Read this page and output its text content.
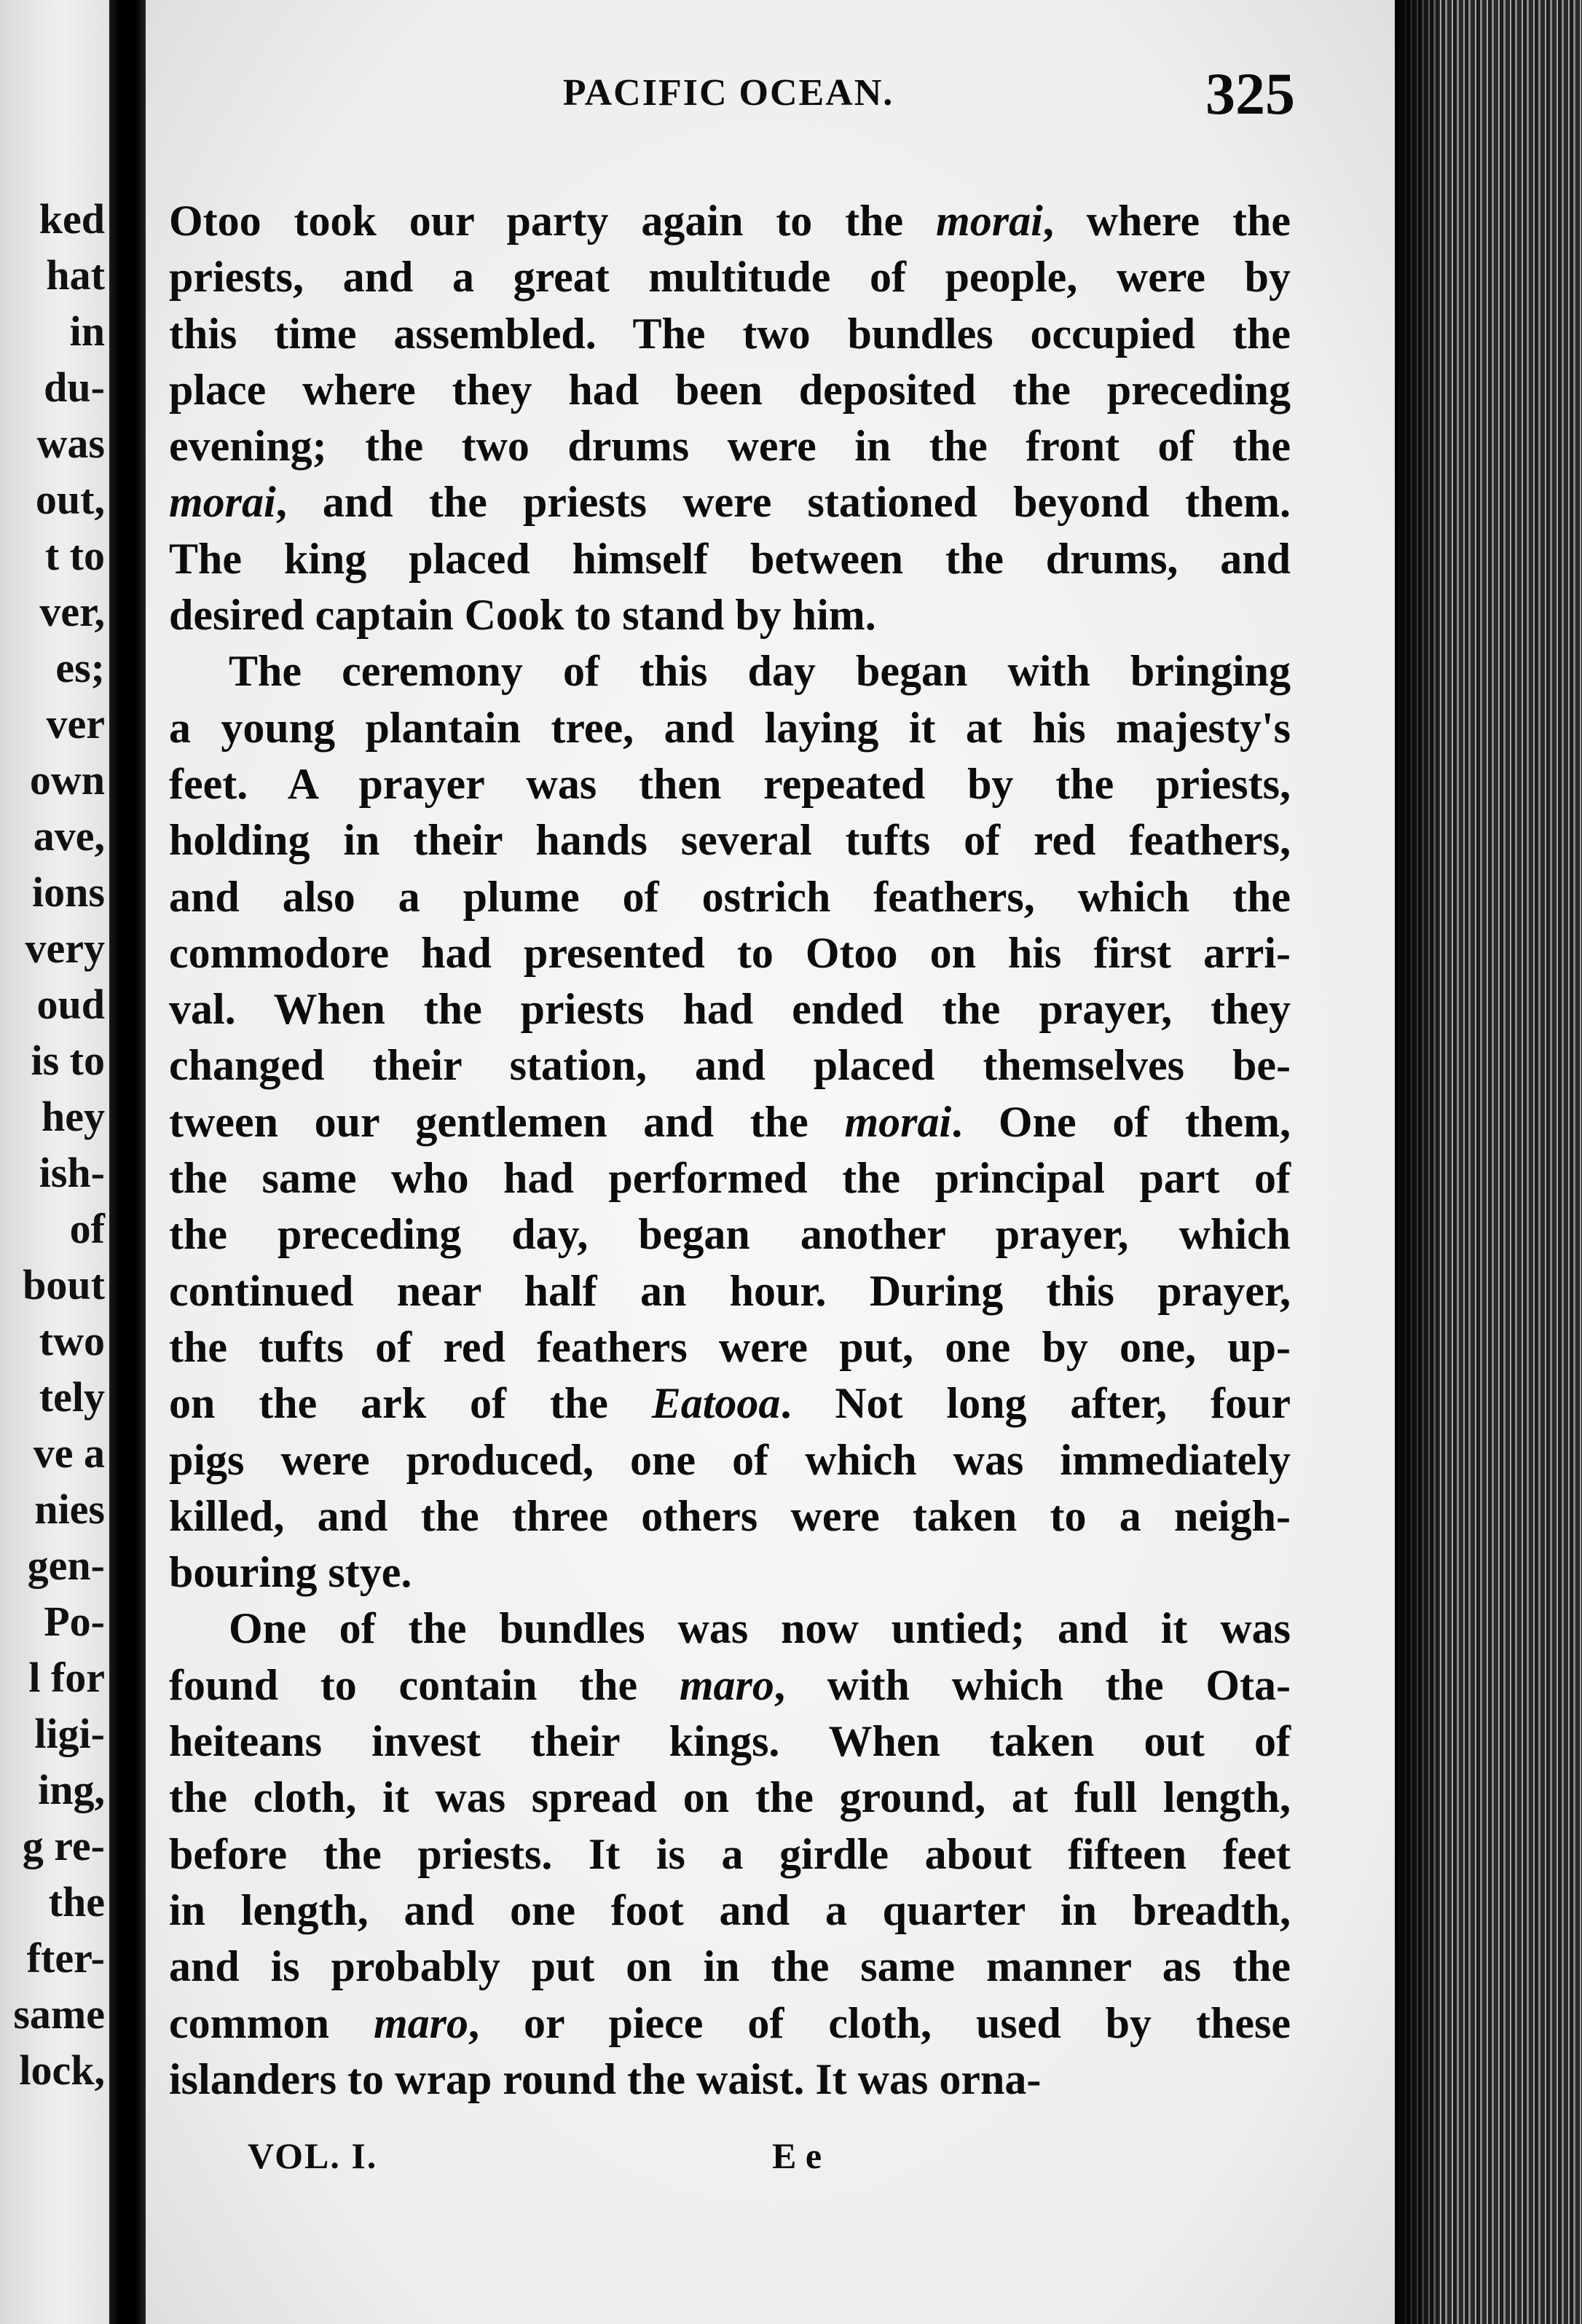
ked
hat
in
du-
was
out,
t to
ver,
es;
ver
own
ave,
ions
very
oud
is to
hey
ish-
of
bout
two
tely
ve a
nies
gen-
Po-
l for
ligi-
ing,
g re-
the
fter-
same
lock,
PACIFIC OCEAN.	325
Otoo took our party again to the morai, where the
priests, and a great multitude of people, were by
this time assembled. The two bundles occupied the
place where they had been deposited the preceding
evening; the two drums were in the front of the
morai, and the priests were stationed beyond them.
The king placed himself between the drums, and
desired captain Cook to stand by him.
The ceremony of this day began with bringing
a young plantain tree, and laying it at his majesty's
feet. A prayer was then repeated by the priests,
holding in their hands several tufts of red feathers,
and also a plume of ostrich feathers, which the
commodore had presented to Otoo on his first arri-
val. When the priests had ended the prayer, they
changed their station, and placed themselves be-
tween our gentlemen and the morai. One of them,
the same who had performed the principal part of
the preceding day, began another prayer, which
continued near half an hour. During this prayer,
the tufts of red feathers were put, one by one, up-
on the ark of the Eatooa. Not long after, four
pigs were produced, one of which was immediately
killed, and the three others were taken to a neigh-
bouring stye.
One of the bundles was now untied; and it was
found to contain the maro, with which the Ota-
heiteans invest their kings. When taken out of
the cloth, it was spread on the ground, at full length,
before the priests. It is a girdle about fifteen feet
in length, and one foot and a quarter in breadth,
and is probably put on in the same manner as the
common maro, or piece of cloth, used by these
islanders to wrap round the waist. It was orna-
VOL. I.	E e
